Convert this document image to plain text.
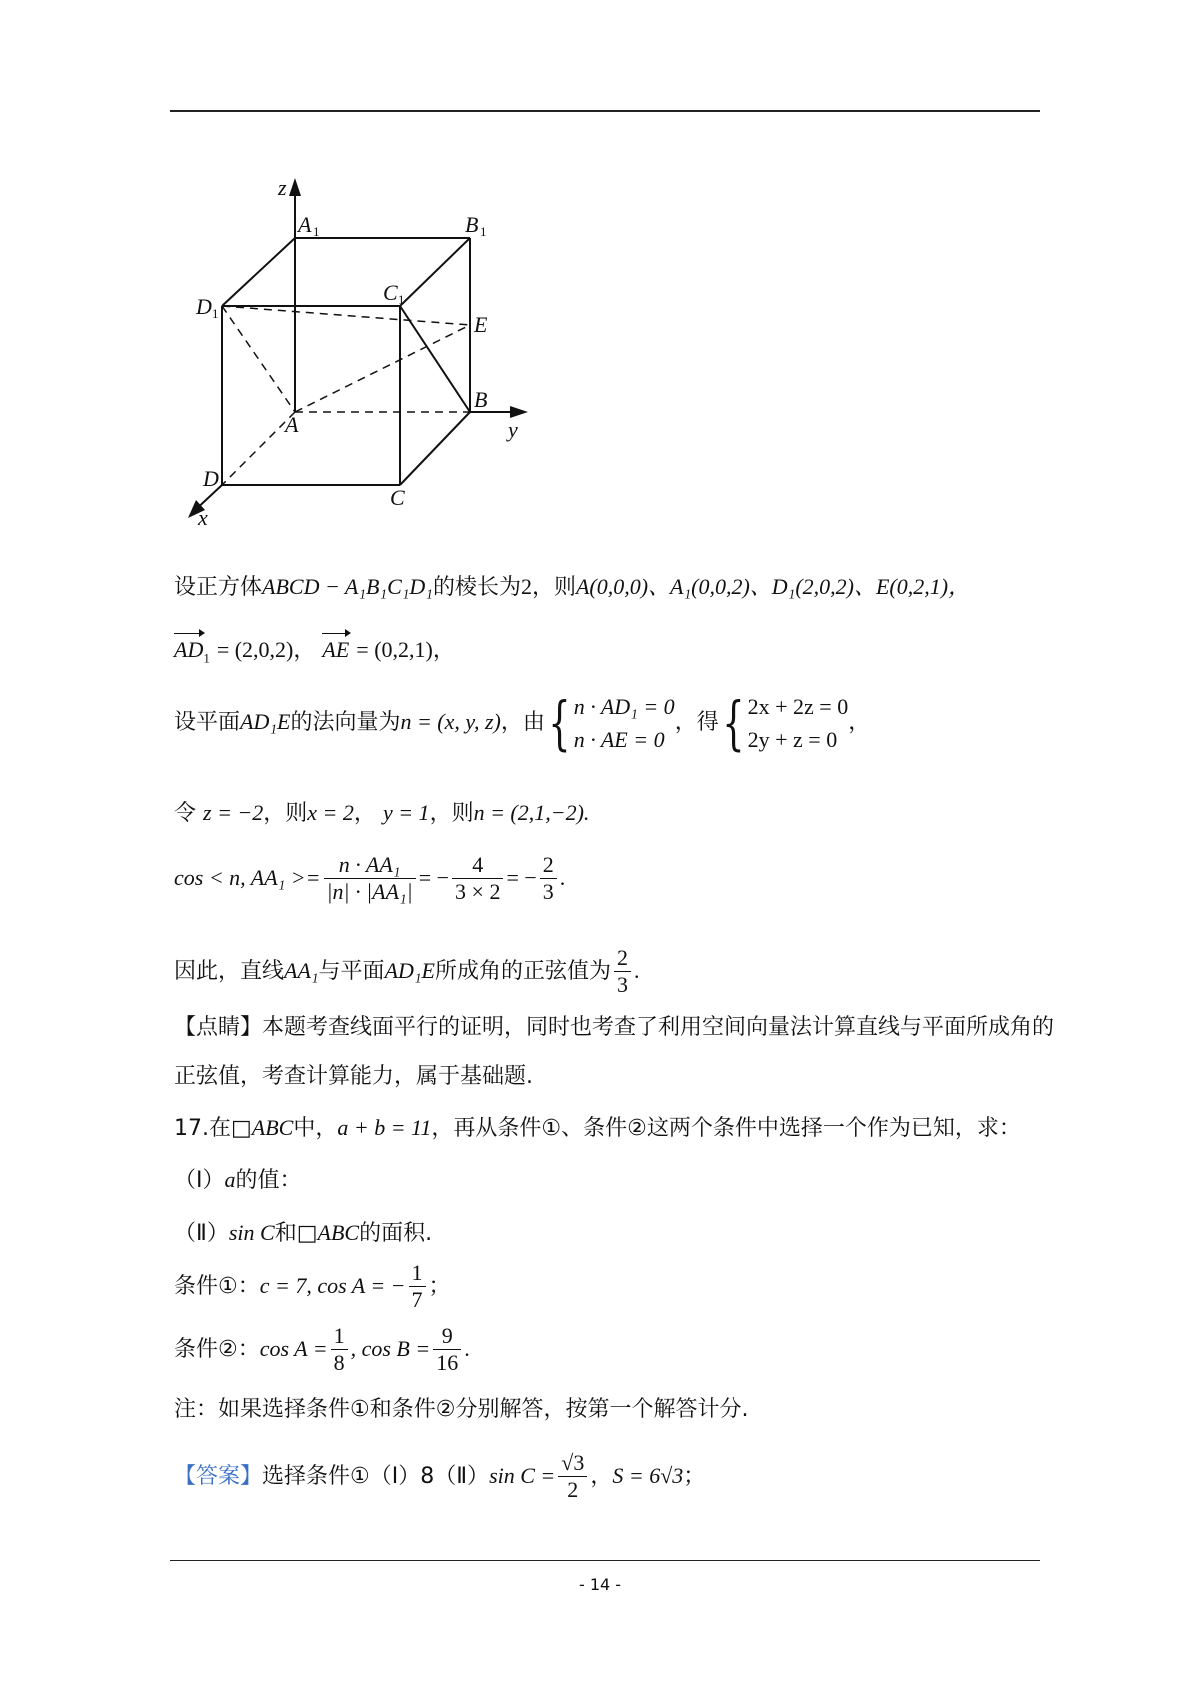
z
A 1	B 1
C 1
D 1	E
B
A	y
D
C
x
设正方体ABCD − A₁B₁C₁D₁的棱长为2，则A(0,0,0)、A₁(0,0,2)、D₁(2,0,2)、E(0,2,1)，
$AD_1 = (2,0,2)$， AE = (0,2,1)，
设平面AD₁E的法向量为n = (x, y, z)，由{ n · AD₁ = 0
n · AE = 0，得{ 2x + 2z = 0
2y + z = 0，
令 z = −2，则x = 2， y = 1，则n = (2,1,−2).
cos < n, $AA_1 >= \frac{\text{n · AA₁}}{\text{|n| · |AA₁|}}$ = − $\frac{4}{3 \times 2}$ = − $\frac{2}{3}$ .
因此，直线AA₁与平面AD₁E所成角的正弦值为 $\frac{2}{3}$ .
【点睛】本题考查线面平行的证明，同时也考查了利用空间向量法计算直线与平面所成角的
正弦值，考查计算能力，属于基础题.
17.在□ABC中，a + b = 11，再从条件①、条件②这两个条件中选择一个作为已知，求：
（Ⅰ）a的值：
（Ⅱ）sin C和□ABC的面积.
条件①：c = 7, cos A = − $\frac{1}{7}$ ；
条件②：$\cos A = \frac{1}{8}$ , $\cos B = \frac{9}{16}$ .
注：如果选择条件①和条件②分别解答，按第一个解答计分.
【答案】选择条件①（Ⅰ）8（Ⅱ）sin $C = \frac{√3}{2}$ ，S = 6√3；
- 14 -
